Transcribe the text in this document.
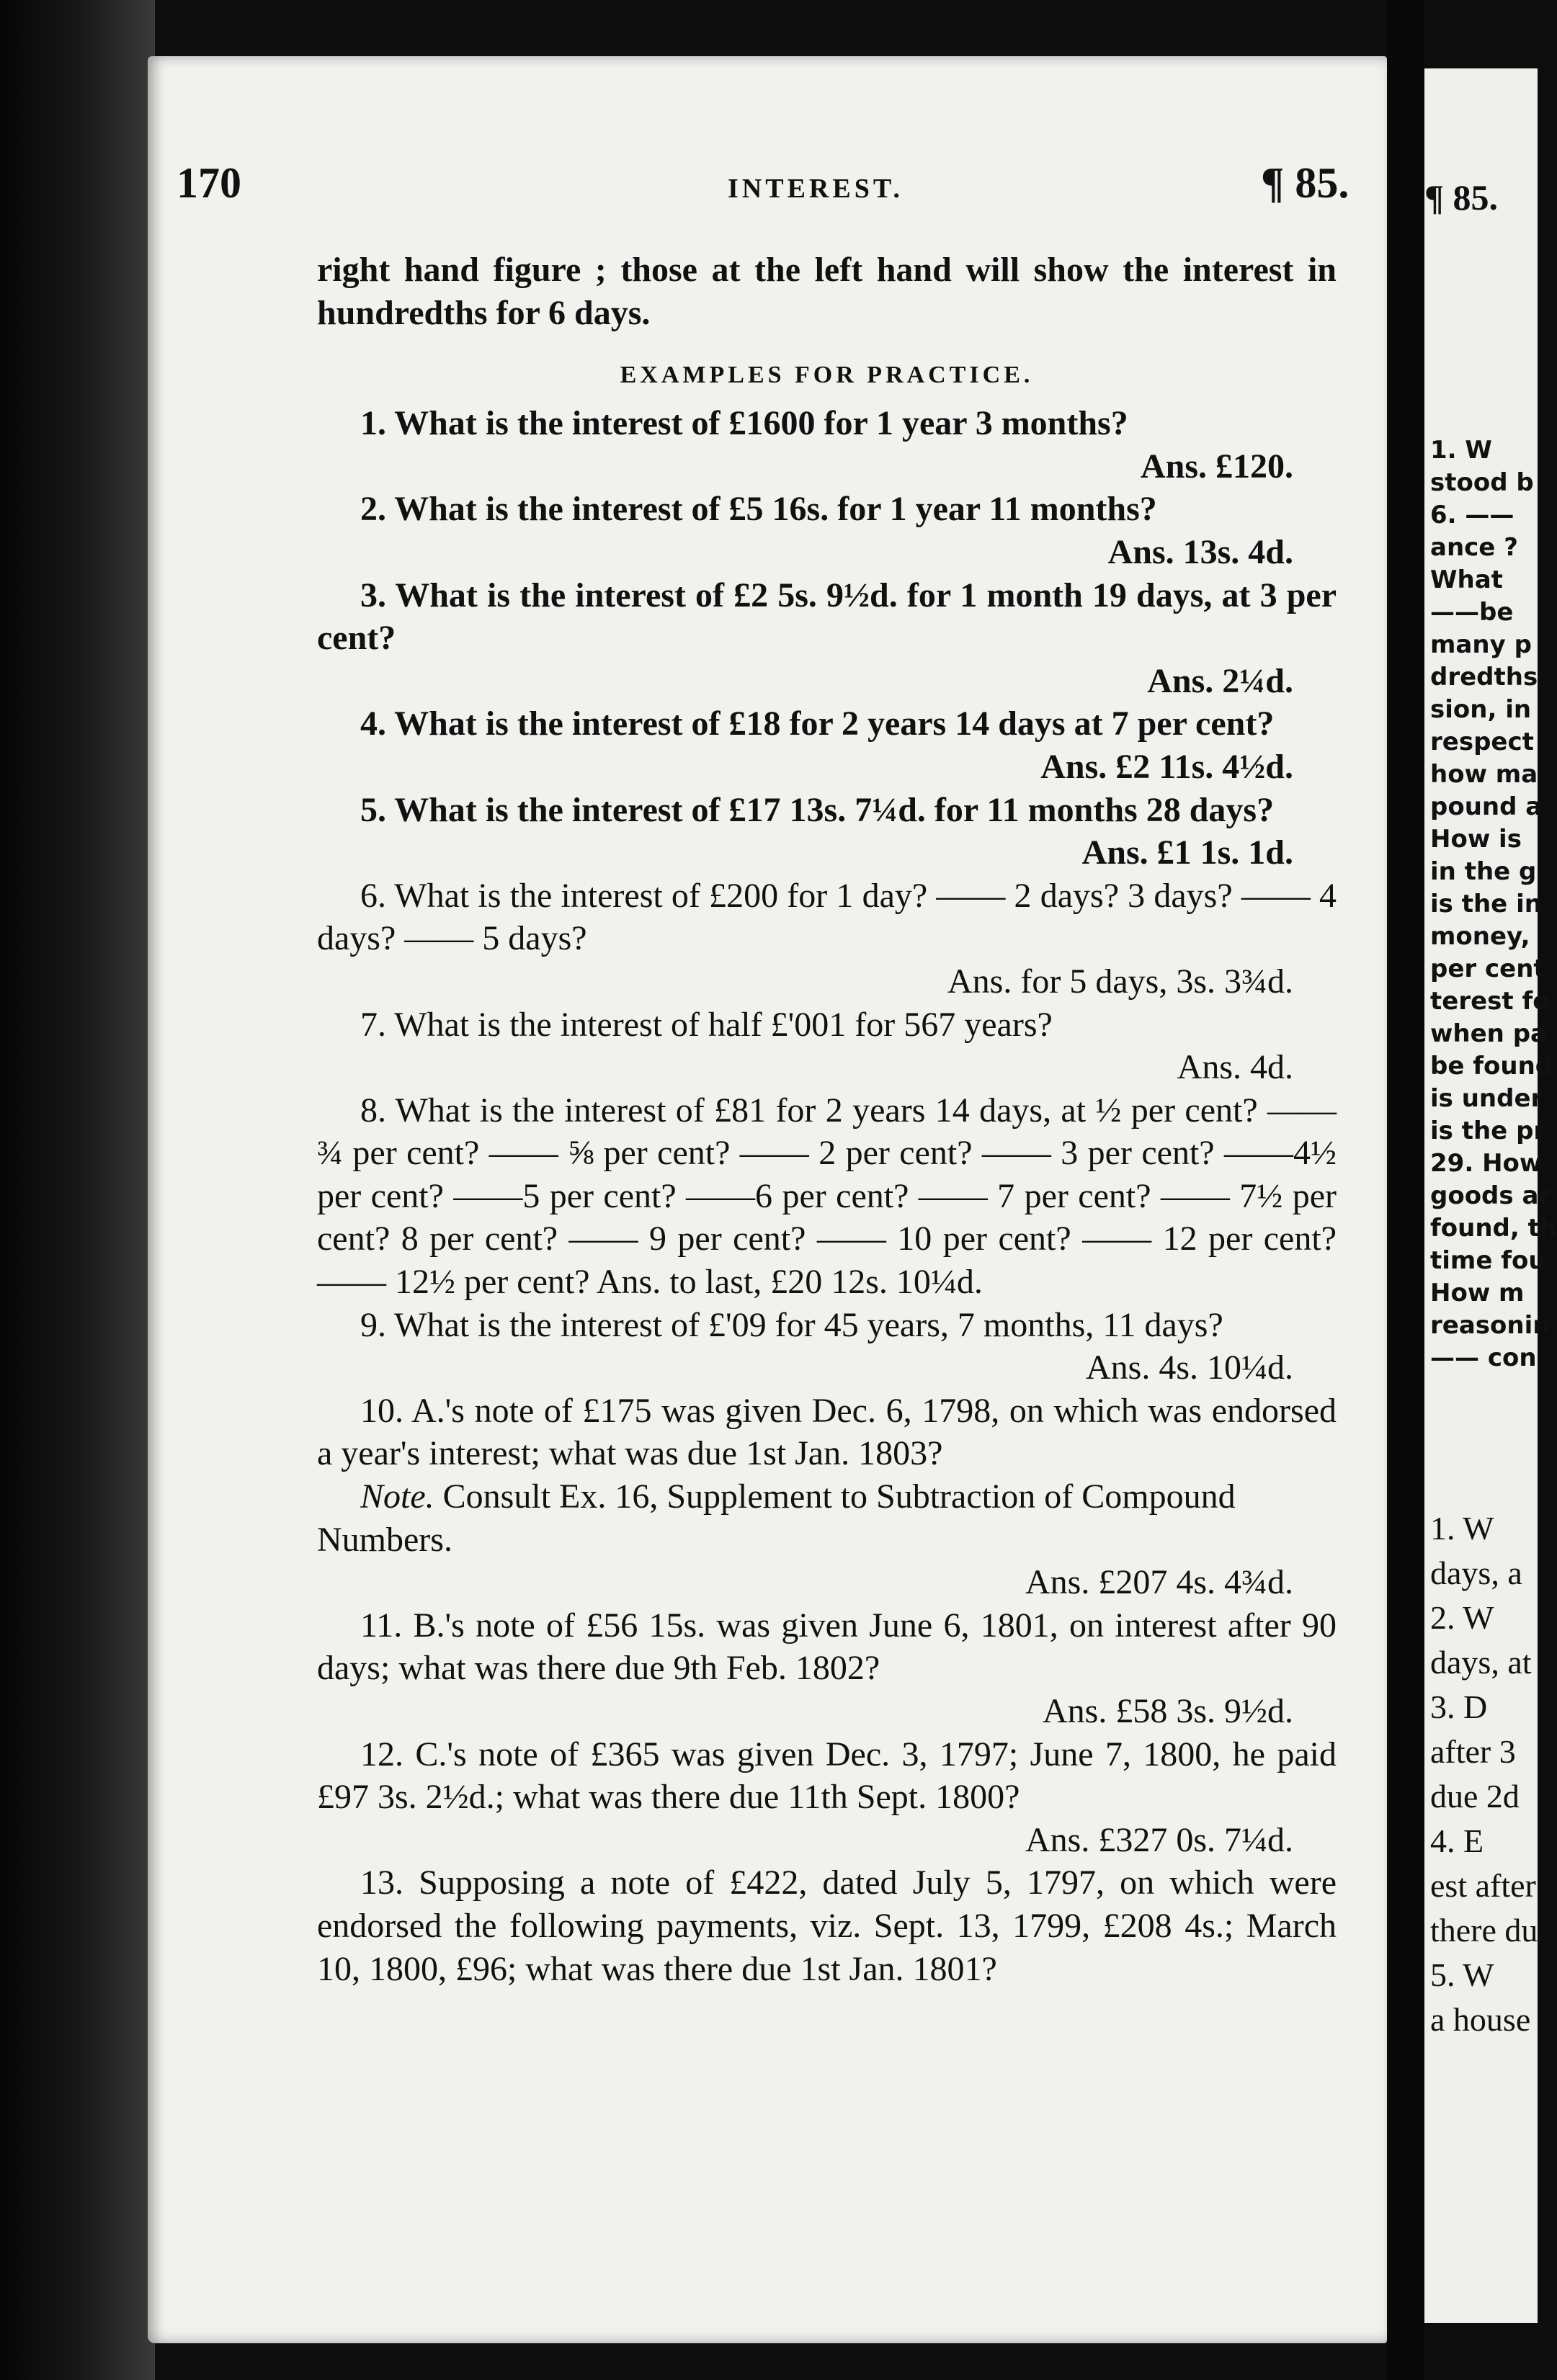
170	INTEREST.	¶ 85.

right hand figure ; those at the left hand will show the interest in hundredths for 6 days.

EXAMPLES FOR PRACTICE.

1. What is the interest of £1600 for 1 year 3 months?

Ans. £120.

2. What is the interest of £5 16s. for 1 year 11 months?

Ans. 13s. 4d.

3. What is the interest of £2 5s. 9½d. for 1 month 19 days, at 3 per cent?

Ans. 2¼d.

4. What is the interest of £18 for 2 years 14 days at 7 per cent?

Ans. £2 11s. 4½d.

5. What is the interest of £17 13s. 7¼d. for 11 months 28 days?

Ans. £1 1s. 1d.

6. What is the interest of £200 for 1 day? —— 2 days? 3 days? —— 4 days? —— 5 days?

Ans. for 5 days, 3s. 3¾d.

7. What is the interest of half £'001 for 567 years?

Ans. 4d.

8. What is the interest of £81 for 2 years 14 days, at ½ per cent? —— ¾ per cent? —— ⅝ per cent? —— 2 per cent? —— 3 per cent? ——4½ per cent? ——5 per cent? ——6 per cent? —— 7 per cent? —— 7½ per cent? 8 per cent? —— 9 per cent? —— 10 per cent? —— 12 per cent? —— 12½ per cent? Ans. to last, £20 12s. 10¼d.

9. What is the interest of £'09 for 45 years, 7 months, 11 days?

Ans. 4s. 10¼d.

10. A.'s note of £175 was given Dec. 6, 1798, on which was endorsed a year's interest; what was due 1st Jan. 1803?

Note. Consult Ex. 16, Supplement to Subtraction of Compound Numbers.

Ans. £207 4s. 4¾d.

11. B.'s note of £56 15s. was given June 6, 1801, on interest after 90 days; what was there due 9th Feb. 1802?

Ans. £58 3s. 9½d.

12. C.'s note of £365 was given Dec. 3, 1797; June 7, 1800, he paid £97 3s. 2½d.; what was there due 11th Sept. 1800?

Ans. £327 0s. 7¼d.

13. Supposing a note of £422, dated July 5, 1797, on which were endorsed the following payments, viz. Sept. 13, 1799, £208 4s.; March 10, 1800, £96; what was there due 1st Jan. 1801?

¶ 85.
1. W
stood b
6. ——
ance ?
What
——be
many p
dredths
sion, in
respect
how ma
pound a
How is
in the g
is the in
money,
per cent
terest fo
when pa
be found
is under
is the pr
29. How
goods ar
found, th
time fou
How m
reasonin
—— con
1. W
days, a
2. W
days, at
3. D
after 3
due 2d
4. E
est after
there du
5. W
a house
